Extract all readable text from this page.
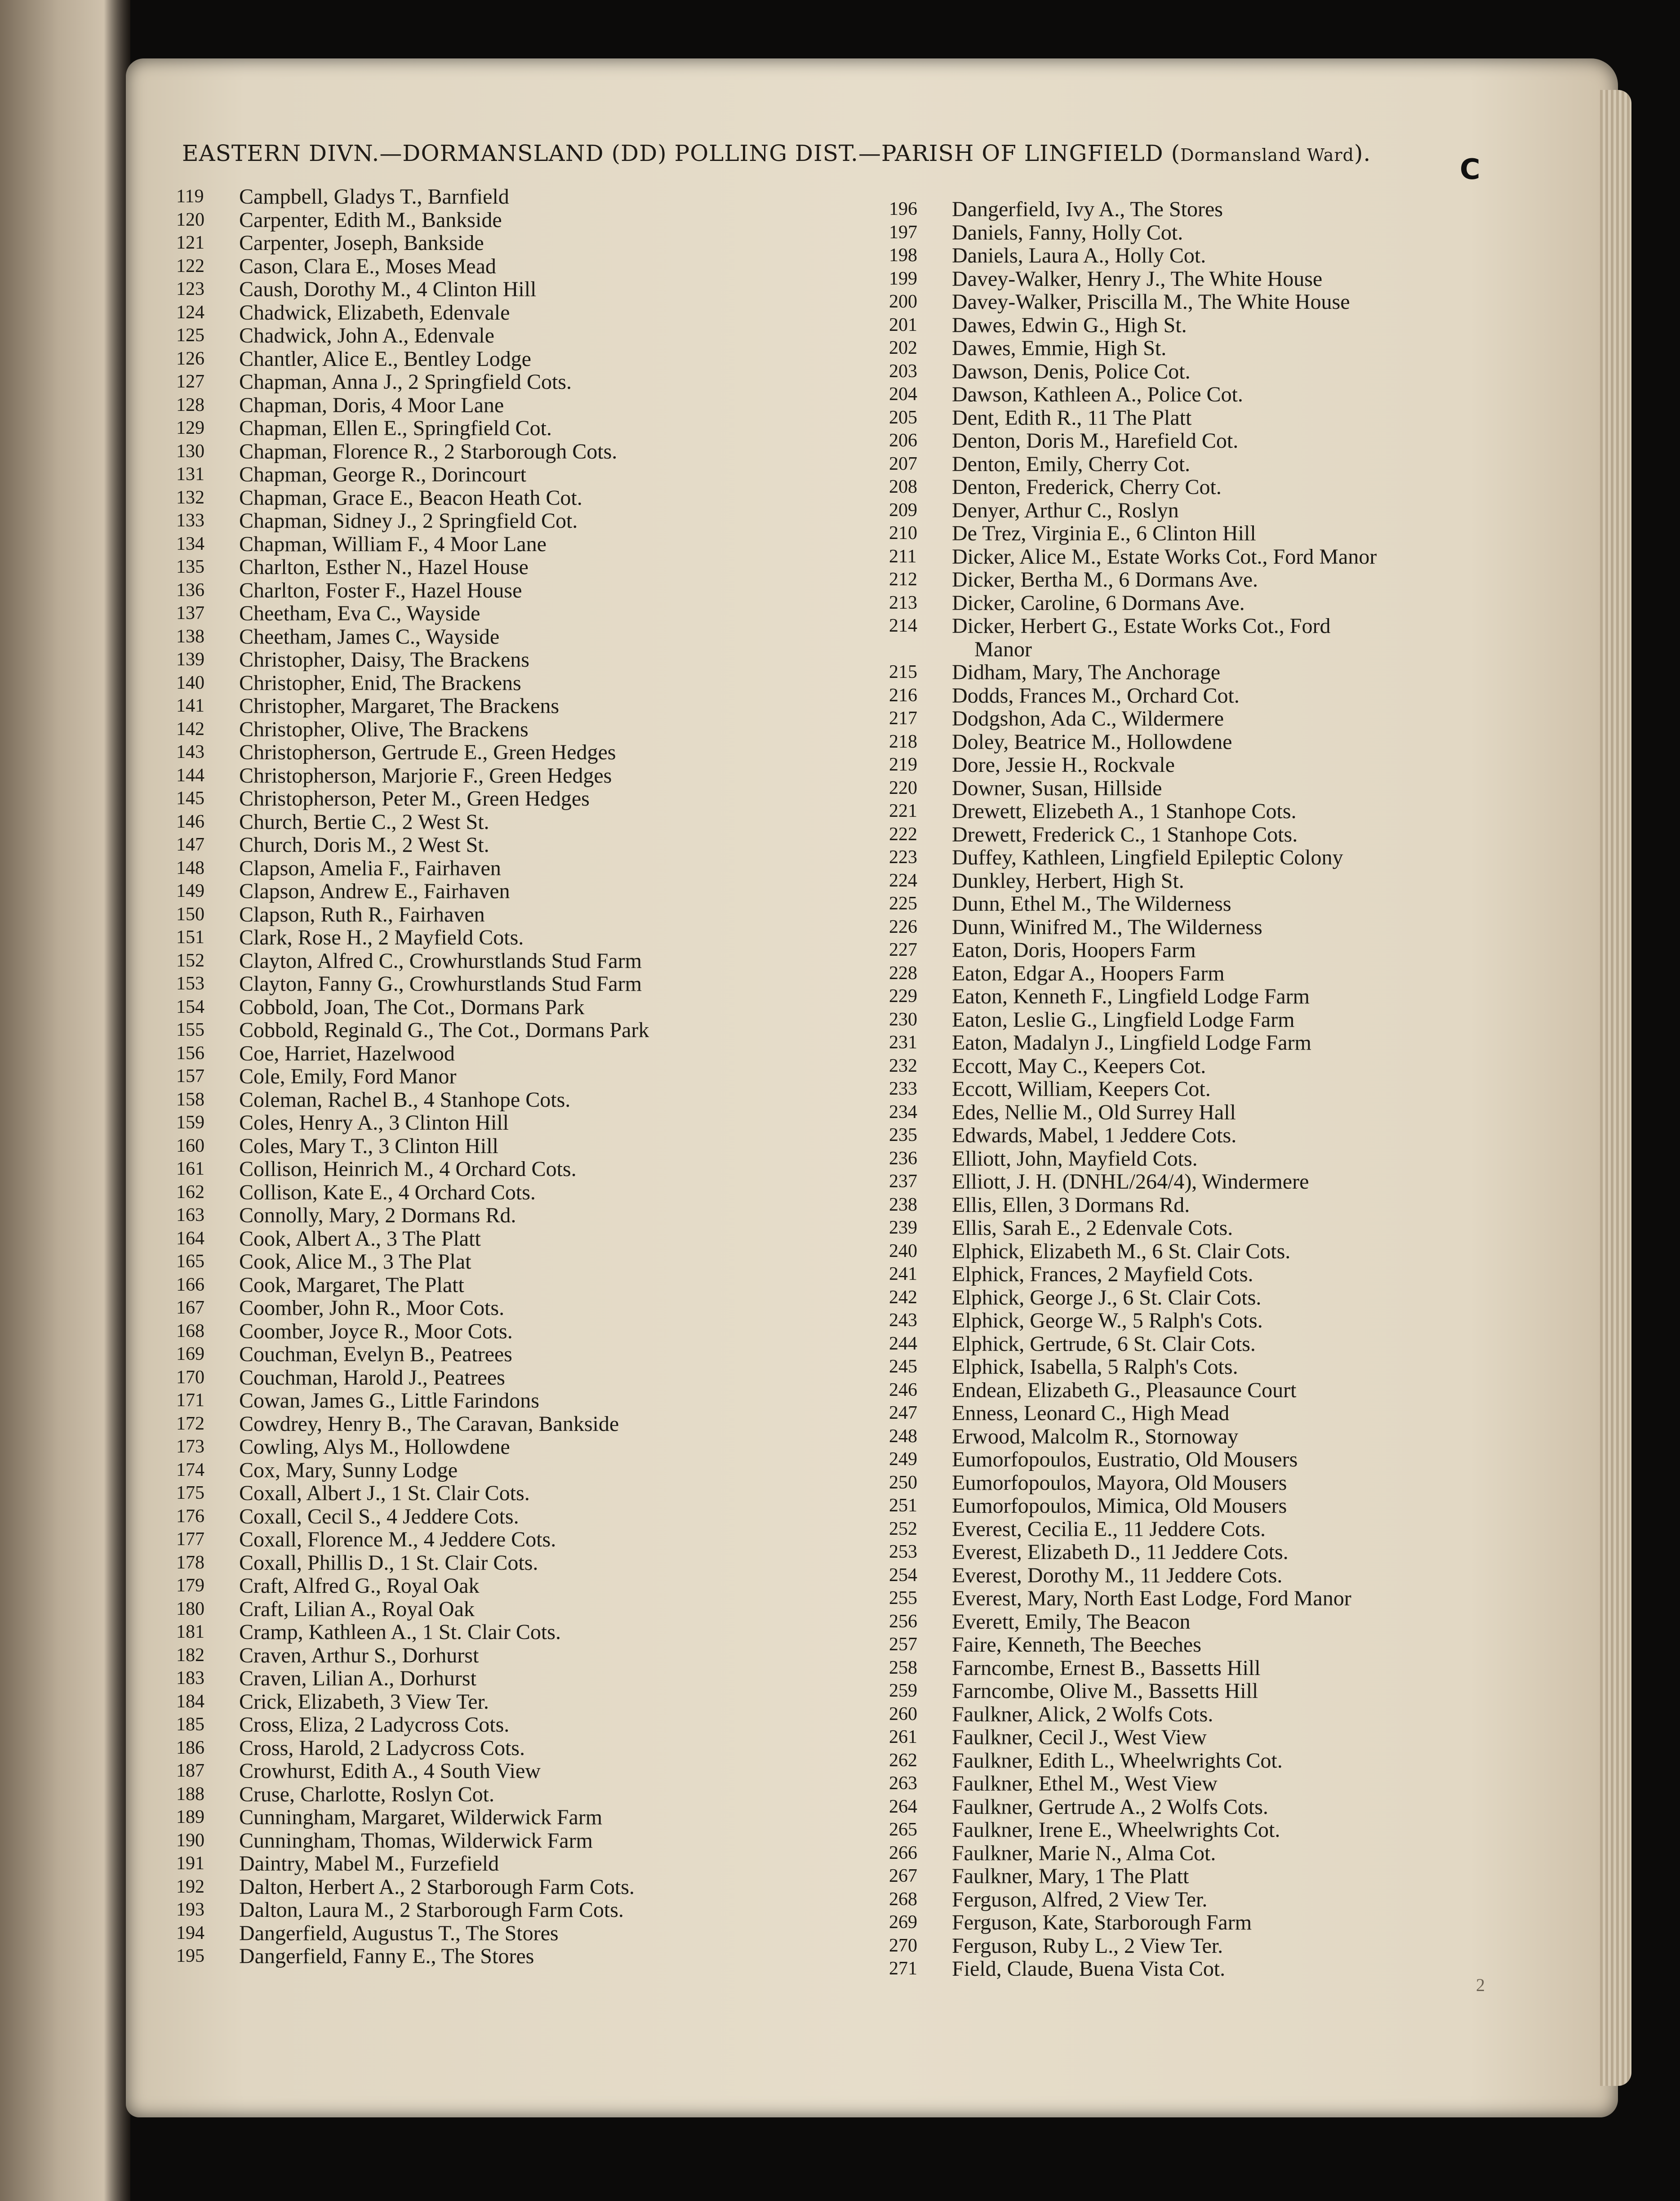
EASTERN DIVN.—DORMANSLAND (DD) POLLING DIST.—PARISH OF LINGFIELD (Dormansland Ward).	C
119	Campbell, Gladys T., Barnfield
120	Carpenter, Edith M., Bankside
121	Carpenter, Joseph, Bankside
122	Cason, Clara E., Moses Mead
123	Caush, Dorothy M., 4 Clinton Hill
124	Chadwick, Elizabeth, Edenvale
125	Chadwick, John A., Edenvale
126	Chantler, Alice E., Bentley Lodge
127	Chapman, Anna J., 2 Springfield Cots.
128	Chapman, Doris, 4 Moor Lane
129	Chapman, Ellen E., Springfield Cot.
130	Chapman, Florence R., 2 Starborough Cots.
131	Chapman, George R., Dorincourt
132	Chapman, Grace E., Beacon Heath Cot.
133	Chapman, Sidney J., 2 Springfield Cot.
134	Chapman, William F., 4 Moor Lane
135	Charlton, Esther N., Hazel House
136	Charlton, Foster F., Hazel House
137	Cheetham, Eva C., Wayside
138	Cheetham, James C., Wayside
139	Christopher, Daisy, The Brackens
140	Christopher, Enid, The Brackens
141	Christopher, Margaret, The Brackens
142	Christopher, Olive, The Brackens
143	Christopherson, Gertrude E., Green Hedges
144	Christopherson, Marjorie F., Green Hedges
145	Christopherson, Peter M., Green Hedges
146	Church, Bertie C., 2 West St.
147	Church, Doris M., 2 West St.
148	Clapson, Amelia F., Fairhaven
149	Clapson, Andrew E., Fairhaven
150	Clapson, Ruth R., Fairhaven
151	Clark, Rose H., 2 Mayfield Cots.
152	Clayton, Alfred C., Crowhurstlands Stud Farm
153	Clayton, Fanny G., Crowhurstlands Stud Farm
154	Cobbold, Joan, The Cot., Dormans Park
155	Cobbold, Reginald G., The Cot., Dormans Park
156	Coe, Harriet, Hazelwood
157	Cole, Emily, Ford Manor
158	Coleman, Rachel B., 4 Stanhope Cots.
159	Coles, Henry A., 3 Clinton Hill
160	Coles, Mary T., 3 Clinton Hill
161	Collison, Heinrich M., 4 Orchard Cots.
162	Collison, Kate E., 4 Orchard Cots.
163	Connolly, Mary, 2 Dormans Rd.
164	Cook, Albert A., 3 The Platt
165	Cook, Alice M., 3 The Plat
166	Cook, Margaret, The Platt
167	Coomber, John R., Moor Cots.
168	Coomber, Joyce R., Moor Cots.
169	Couchman, Evelyn B., Peatrees
170	Couchman, Harold J., Peatrees
171	Cowan, James G., Little Farindons
172	Cowdrey, Henry B., The Caravan, Bankside
173	Cowling, Alys M., Hollowdene
174	Cox, Mary, Sunny Lodge
175	Coxall, Albert J., 1 St. Clair Cots.
176	Coxall, Cecil S., 4 Jeddere Cots.
177	Coxall, Florence M., 4 Jeddere Cots.
178	Coxall, Phillis D., 1 St. Clair Cots.
179	Craft, Alfred G., Royal Oak
180	Craft, Lilian A., Royal Oak
181	Cramp, Kathleen A., 1 St. Clair Cots.
182	Craven, Arthur S., Dorhurst
183	Craven, Lilian A., Dorhurst
184	Crick, Elizabeth, 3 View Ter.
185	Cross, Eliza, 2 Ladycross Cots.
186	Cross, Harold, 2 Ladycross Cots.
187	Crowhurst, Edith A., 4 South View
188	Cruse, Charlotte, Roslyn Cot.
189	Cunningham, Margaret, Wilderwick Farm
190	Cunningham, Thomas, Wilderwick Farm
191	Daintry, Mabel M., Furzefield
192	Dalton, Herbert A., 2 Starborough Farm Cots.
193	Dalton, Laura M., 2 Starborough Farm Cots.
194	Dangerfield, Augustus T., The Stores
195	Dangerfield, Fanny E., The Stores
196	Dangerfield, Ivy A., The Stores
197	Daniels, Fanny, Holly Cot.
198	Daniels, Laura A., Holly Cot.
199	Davey-Walker, Henry J., The White House
200	Davey-Walker, Priscilla M., The White House
201	Dawes, Edwin G., High St.
202	Dawes, Emmie, High St.
203	Dawson, Denis, Police Cot.
204	Dawson, Kathleen A., Police Cot.
205	Dent, Edith R., 11 The Platt
206	Denton, Doris M., Harefield Cot.
207	Denton, Emily, Cherry Cot.
208	Denton, Frederick, Cherry Cot.
209	Denyer, Arthur C., Roslyn
210	De Trez, Virginia E., 6 Clinton Hill
211	Dicker, Alice M., Estate Works Cot., Ford Manor
212	Dicker, Bertha M., 6 Dormans Ave.
213	Dicker, Caroline, 6 Dormans Ave.
214	Dicker, Herbert G., Estate Works Cot., Ford
Manor
215	Didham, Mary, The Anchorage
216	Dodds, Frances M., Orchard Cot.
217	Dodgshon, Ada C., Wildermere
218	Doley, Beatrice M., Hollowdene
219	Dore, Jessie H., Rockvale
220	Downer, Susan, Hillside
221	Drewett, Elizebeth A., 1 Stanhope Cots.
222	Drewett, Frederick C., 1 Stanhope Cots.
223	Duffey, Kathleen, Lingfield Epileptic Colony
224	Dunkley, Herbert, High St.
225	Dunn, Ethel M., The Wilderness
226	Dunn, Winifred M., The Wilderness
227	Eaton, Doris, Hoopers Farm
228	Eaton, Edgar A., Hoopers Farm
229	Eaton, Kenneth F., Lingfield Lodge Farm
230	Eaton, Leslie G., Lingfield Lodge Farm
231	Eaton, Madalyn J., Lingfield Lodge Farm
232	Eccott, May C., Keepers Cot.
233	Eccott, William, Keepers Cot.
234	Edes, Nellie M., Old Surrey Hall
235	Edwards, Mabel, 1 Jeddere Cots.
236	Elliott, John, Mayfield Cots.
237	Elliott, J. H. (DNHL/264/4), Windermere
238	Ellis, Ellen, 3 Dormans Rd.
239	Ellis, Sarah E., 2 Edenvale Cots.
240	Elphick, Elizabeth M., 6 St. Clair Cots.
241	Elphick, Frances, 2 Mayfield Cots.
242	Elphick, George J., 6 St. Clair Cots.
243	Elphick, George W., 5 Ralph's Cots.
244	Elphick, Gertrude, 6 St. Clair Cots.
245	Elphick, Isabella, 5 Ralph's Cots.
246	Endean, Elizabeth G., Pleasaunce Court
247	Enness, Leonard C., High Mead
248	Erwood, Malcolm R., Stornoway
249	Eumorfopoulos, Eustratio, Old Mousers
250	Eumorfopoulos, Mayora, Old Mousers
251	Eumorfopoulos, Mimica, Old Mousers
252	Everest, Cecilia E., 11 Jeddere Cots.
253	Everest, Elizabeth D., 11 Jeddere Cots.
254	Everest, Dorothy M., 11 Jeddere Cots.
255	Everest, Mary, North East Lodge, Ford Manor
256	Everett, Emily, The Beacon
257	Faire, Kenneth, The Beeches
258	Farncombe, Ernest B., Bassetts Hill
259	Farncombe, Olive M., Bassetts Hill
260	Faulkner, Alick, 2 Wolfs Cots.
261	Faulkner, Cecil J., West View
262	Faulkner, Edith L., Wheelwrights Cot.
263	Faulkner, Ethel M., West View
264	Faulkner, Gertrude A., 2 Wolfs Cots.
265	Faulkner, Irene E., Wheelwrights Cot.
266	Faulkner, Marie N., Alma Cot.
267	Faulkner, Mary, 1 The Platt
268	Ferguson, Alfred, 2 View Ter.
269	Ferguson, Kate, Starborough Farm
270	Ferguson, Ruby L., 2 View Ter.
271	Field, Claude, Buena Vista Cot.
2
